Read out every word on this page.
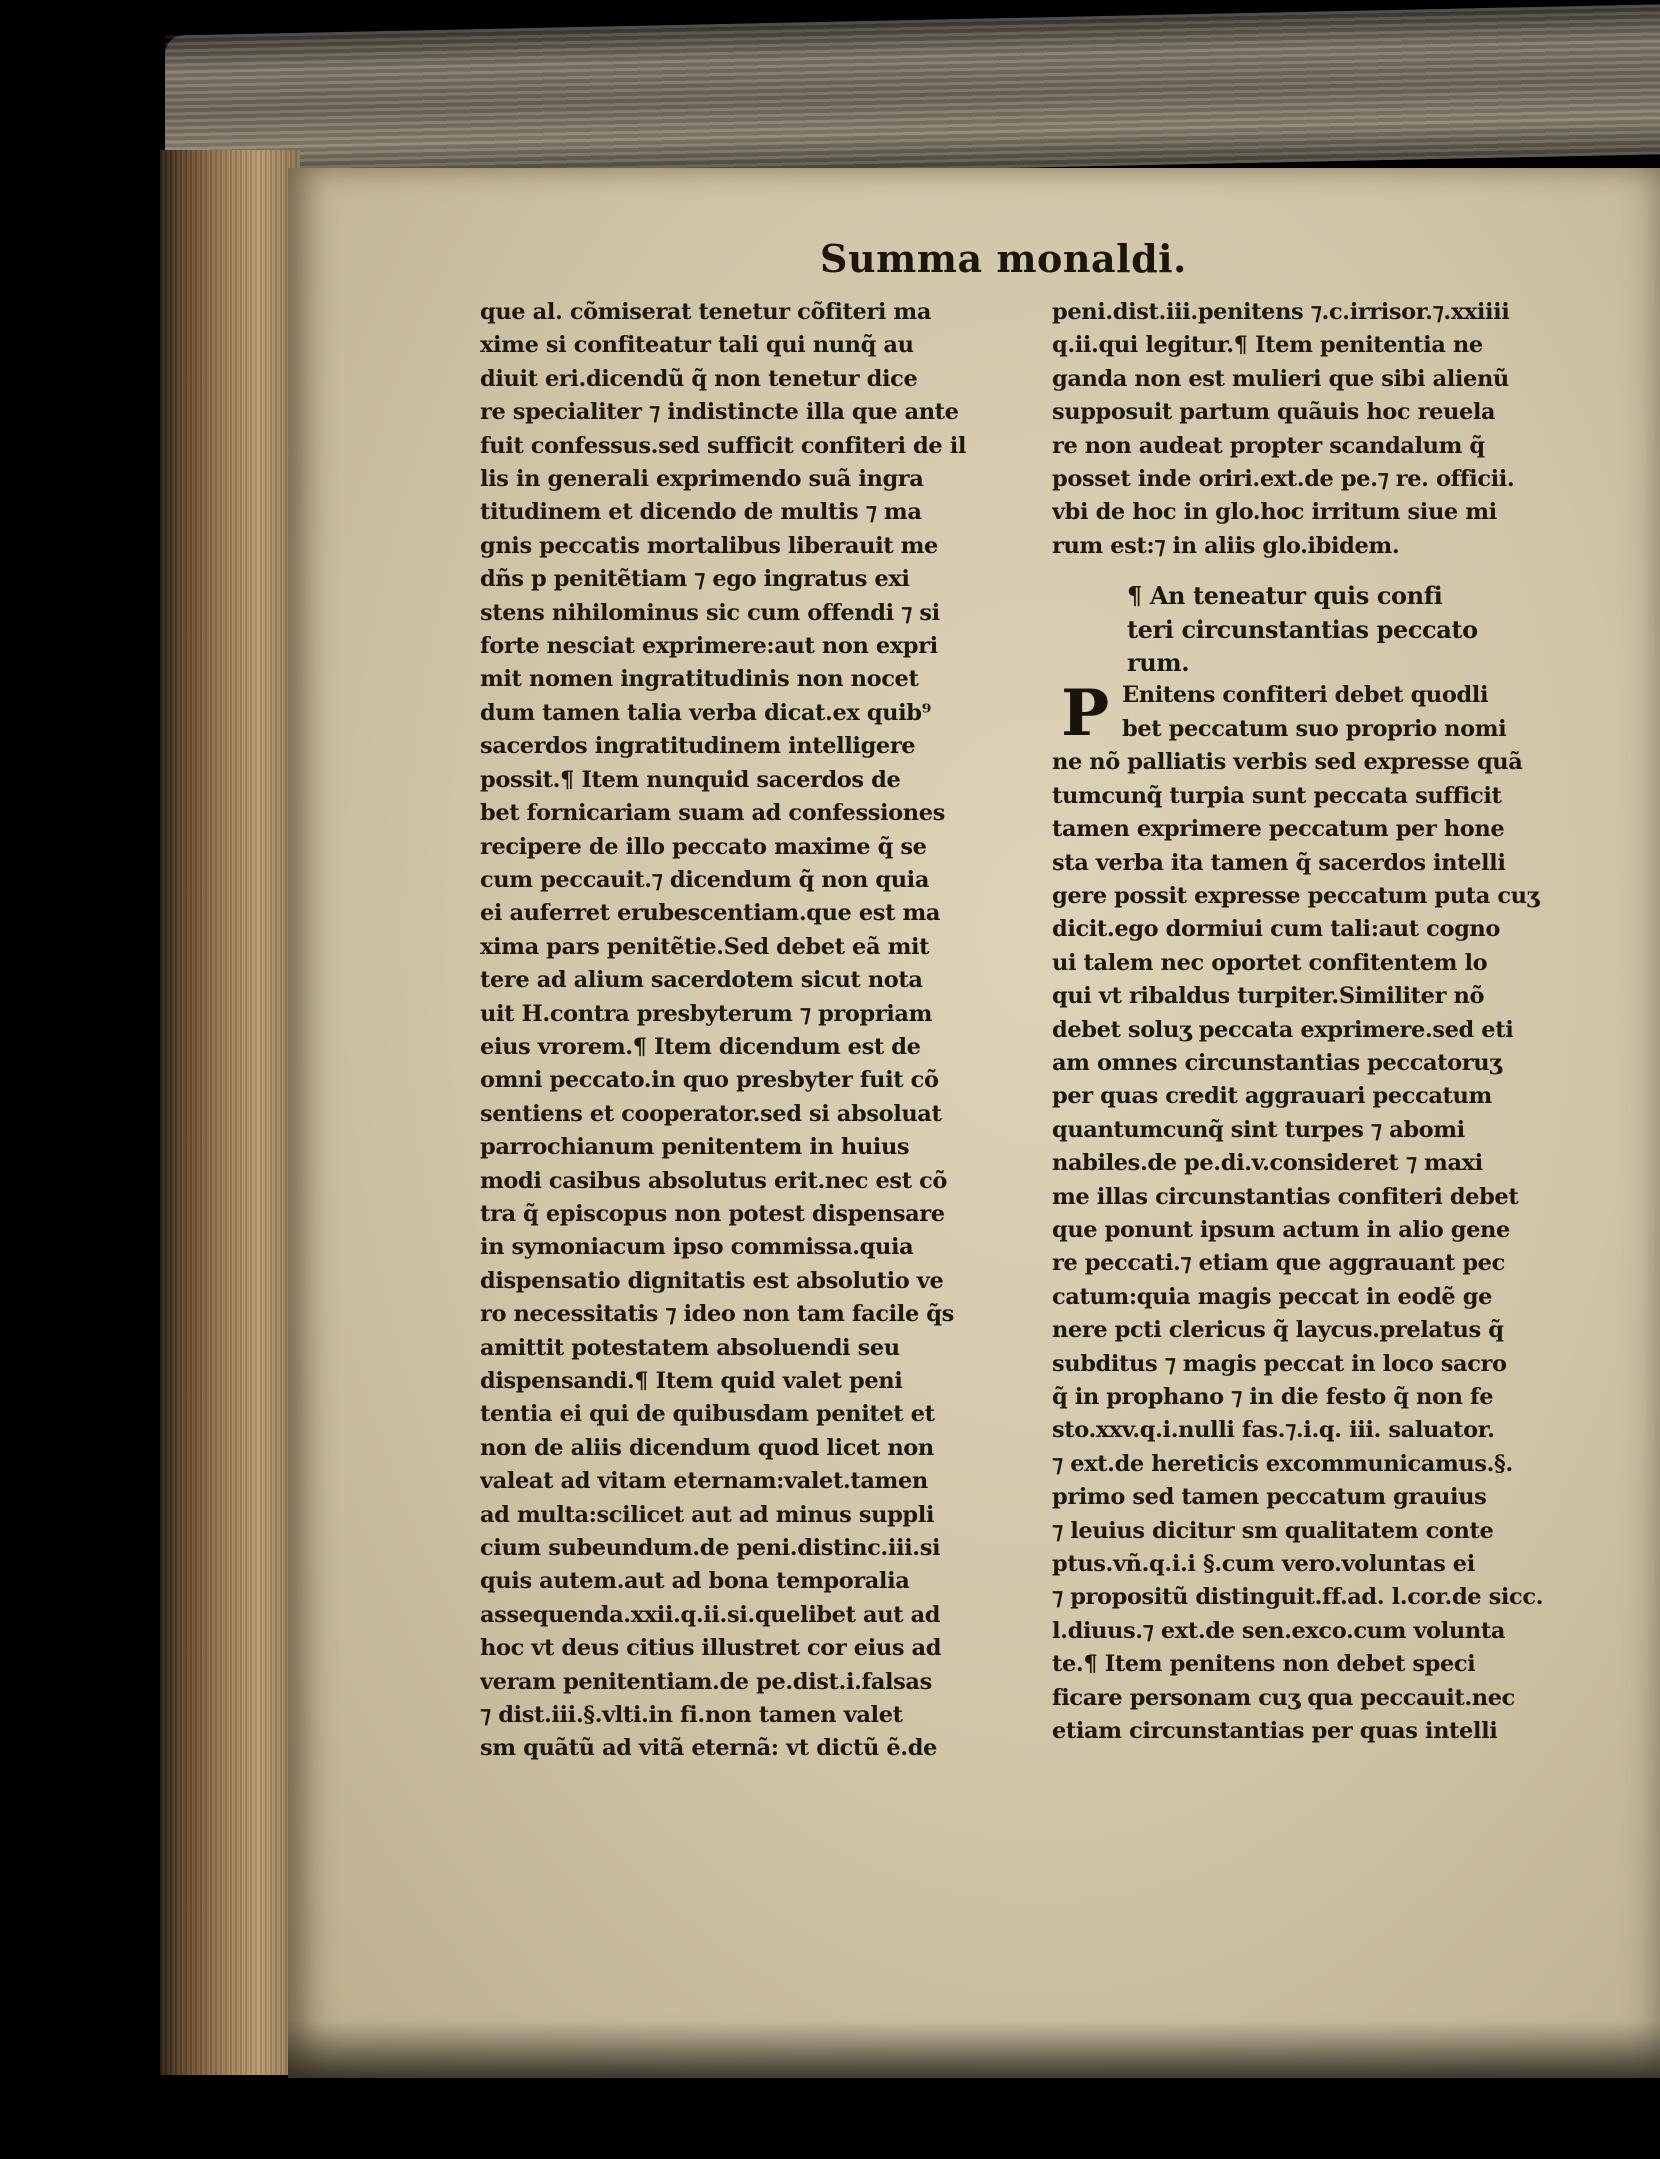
Summa monaldi.
que al. cõmiserat tenetur cõfiteri ma
xime si confiteatur tali qui nunq̃ au
diuit eri.dicendũ q̃ non tenetur dice
re specialiter ⁊ indistincte illa que ante
fuit confessus.sed sufficit confiteri de il
lis in generali exprimendo suã ingra
titudinem et dicendo de multis ⁊ ma
gnis peccatis mortalibus liberauit me
dñs p penitẽtiam ⁊ ego ingratus exi
stens nihilominus sic cum offendi ⁊ si
forte nesciat exprimere:aut non expri
mit nomen ingratitudinis non nocet
dum tamen talia verba dicat.ex quib⁹
sacerdos ingratitudinem intelligere
possit.¶ Item nunquid sacerdos de
bet fornicariam suam ad confessiones
recipere de illo peccato maxime q̃ se
cum peccauit.⁊ dicendum q̃ non quia
ei auferret erubescentiam.que est ma
xima pars penitẽtie.Sed debet eã mit
tere ad alium sacerdotem sicut nota
uit H.contra presbyterum ⁊ propriam
eius vrorem.¶ Item dicendum est de
omni peccato.in quo presbyter fuit cõ
sentiens et cooperator.sed si absoluat
parrochianum penitentem in huius
modi casibus absolutus erit.nec est cõ
tra q̃ episcopus non potest dispensare
in symoniacum ipso commissa.quia
dispensatio dignitatis est absolutio ve
ro necessitatis ⁊ ideo non tam facile q̃s
amittit potestatem absoluendi seu
dispensandi.¶ Item quid valet peni
tentia ei qui de quibusdam penitet et
non de aliis dicendum quod licet non
valeat ad vitam eternam:valet.tamen
ad multa:scilicet aut ad minus suppli
cium subeundum.de peni.distinc.iii.si
quis autem.aut ad bona temporalia
assequenda.xxii.q.ii.si.quelibet aut ad
hoc vt deus citius illustret cor eius ad
veram penitentiam.de pe.dist.i.falsas
⁊ dist.iii.§.vlti.in fi.non tamen valet
sm quãtũ ad vitã eternã: vt dictũ ẽ.de
peni.dist.iii.penitens ⁊.c.irrisor.⁊.xxiiii
q.ii.qui legitur.¶ Item penitentia ne
ganda non est mulieri que sibi alienũ
supposuit partum quãuis hoc reuela
re non audeat propter scandalum q̃
posset inde oriri.ext.de pe.⁊ re. officii.
vbi de hoc in glo.hoc irritum siue mi
rum est:⁊ in aliis glo.ibidem.
¶ An teneatur quis confi
teri circunstantias peccato
rum.
P Enitens confiteri debet quodli
bet peccatum suo proprio nomi
ne nõ palliatis verbis sed expresse quã
tumcunq̃ turpia sunt peccata sufficit
tamen exprimere peccatum per hone
sta verba ita tamen q̃ sacerdos intelli
gere possit expresse peccatum puta cuʒ
dicit.ego dormiui cum tali:aut cogno
ui talem nec oportet confitentem lo
qui vt ribaldus turpiter.Similiter nõ
debet soluʒ peccata exprimere.sed eti
am omnes circunstantias peccatoruʒ
per quas credit aggrauari peccatum
quantumcunq̃ sint turpes ⁊ abomi
nabiles.de pe.di.v.consideret ⁊ maxi
me illas circunstantias confiteri debet
que ponunt ipsum actum in alio gene
re peccati.⁊ etiam que aggrauant pec
catum:quia magis peccat in eodẽ ge
nere pcti clericus q̃ laycus.prelatus q̃
subditus ⁊ magis peccat in loco sacro
q̃ in prophano ⁊ in die festo q̃ non fe
sto.xxv.q.i.nulli fas.⁊.i.q. iii. saluator.
⁊ ext.de hereticis excommunicamus.§.
primo sed tamen peccatum grauius
⁊ leuius dicitur sm qualitatem conte
ptus.vñ.q.i.i §.cum vero.voluntas ei
⁊ propositũ distinguit.ff.ad. l.cor.de sicc.
l.diuus.⁊ ext.de sen.exco.cum volunta
te.¶ Item penitens non debet speci
ficare personam cuʒ qua peccauit.nec
etiam circunstantias per quas intelli
